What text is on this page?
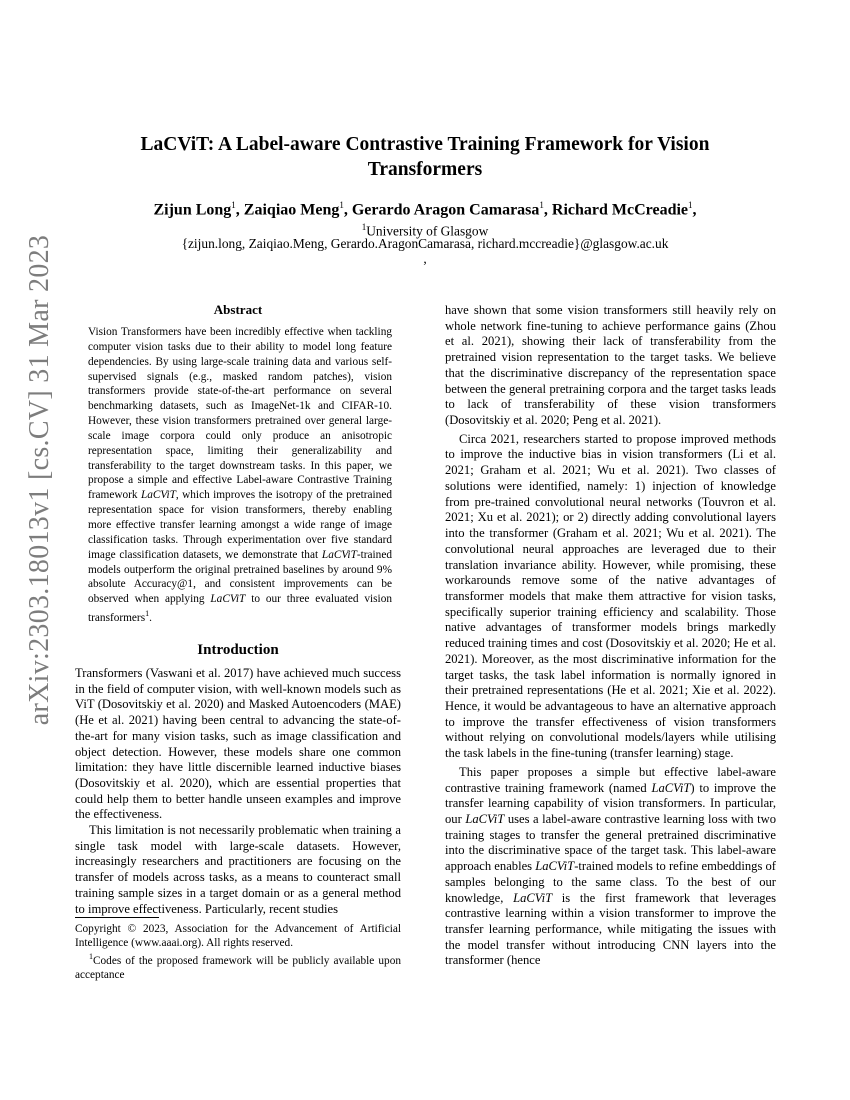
arXiv:2303.18013v1 [cs.CV] 31 Mar 2023
LaCViT: A Label-aware Contrastive Training Framework for Vision
Transformers
Zijun Long$^1$, Zaiqiao Meng$^1$, Gerardo Aragon Camarasa$^1$, Richard McCreadie$^1$,
$^1$University of Glasgow
{zijun.long, Zaiqiao.Meng, Gerardo.AragonCamarasa, richard.mccreadie}@glasgow.ac.uk
,
Abstract
Vision Transformers have been incredibly effective when tackling computer vision tasks due to their ability to model long feature dependencies. By using large-scale training data and various self-supervised signals (e.g., masked random patches), vision transformers provide state-of-the-art performance on several benchmarking datasets, such as ImageNet-1k and CIFAR-10. However, these vision transformers pretrained over general large-scale image corpora could only produce an anisotropic representation space, limiting their generalizability and transferability to the target downstream tasks. In this paper, we propose a simple and effective Label-aware Contrastive Training framework LaCViT, which improves the isotropy of the pretrained representation space for vision transformers, thereby enabling more effective transfer learning amongst a wide range of image classification tasks. Through experimentation over five standard image classification datasets, we demonstrate that LaCViT-trained models outperform the original pretrained baselines by around 9% absolute Accuracy@1, and consistent improvements can be observed when applying LaCViT to our three evaluated vision transformers$^1$.
Introduction

Transformers (Vaswani et al. 2017) have achieved much success in the field of computer vision, with well-known models such as ViT (Dosovitskiy et al. 2020) and Masked Autoencoders (MAE) (He et al. 2021) having been central to advancing the state-of-the-art for many vision tasks, such as image classification and object detection. However, these models share one common limitation: they have little discernible learned inductive biases (Dosovitskiy et al. 2020), which are essential properties that could help them to better handle unseen examples and improve the effectiveness.

This limitation is not necessarily problematic when training a single task model with large-scale datasets. However, increasingly researchers and practitioners are focusing on the transfer of models across tasks, as a means to counteract small training sample sizes in a target domain or as a general method to improve effectiveness. Particularly, recent studies

Copyright © 2023, Association for the Advancement of Artificial Intelligence (www.aaai.org). All rights reserved.

$^1$Codes of the proposed framework will be publicly available upon acceptance

have shown that some vision transformers still heavily rely on whole network fine-tuning to achieve performance gains (Zhou et al. 2021), showing their lack of transferability from the pretrained vision representation to the target tasks. We believe that the discriminative discrepancy of the representation space between the general pretraining corpora and the target tasks leads to lack of transferability of these vision transformers (Dosovitskiy et al. 2020; Peng et al. 2021).

Circa 2021, researchers started to propose improved methods to improve the inductive bias in vision transformers (Li et al. 2021; Graham et al. 2021; Wu et al. 2021). Two classes of solutions were identified, namely: 1) injection of knowledge from pre-trained convolutional neural networks (Touvron et al. 2021; Xu et al. 2021); or 2) directly adding convolutional layers into the transformer (Graham et al. 2021; Wu et al. 2021). The convolutional neural approaches are leveraged due to their translation invariance ability. However, while promising, these workarounds remove some of the native advantages of transformer models that make them attractive for vision tasks, specifically superior training efficiency and scalability. Those native advantages of transformer models brings markedly reduced training times and cost (Dosovitskiy et al. 2020; He et al. 2021). Moreover, as the most discriminative information for the target tasks, the task label information is normally ignored in their pretrained representations (He et al. 2021; Xie et al. 2022). Hence, it would be advantageous to have an alternative approach to improve the transfer effectiveness of vision transformers without relying on convolutional models/layers while utilising the task labels in the fine-tuning (transfer learning) stage.

This paper proposes a simple but effective label-aware contrastive training framework (named LaCViT) to improve the transfer learning capability of vision transformers. In particular, our LaCViT uses a label-aware contrastive learning loss with two training stages to transfer the general pretrained discriminative into the discriminative space of the target task. This label-aware approach enables LaCViT-trained models to refine embeddings of samples belonging to the same class. To the best of our knowledge, LaCViT is the first framework that leverages contrastive learning within a vision transformer to improve the transfer learning performance, while mitigating the issues with the model transfer without introducing CNN layers into the transformer (hence
